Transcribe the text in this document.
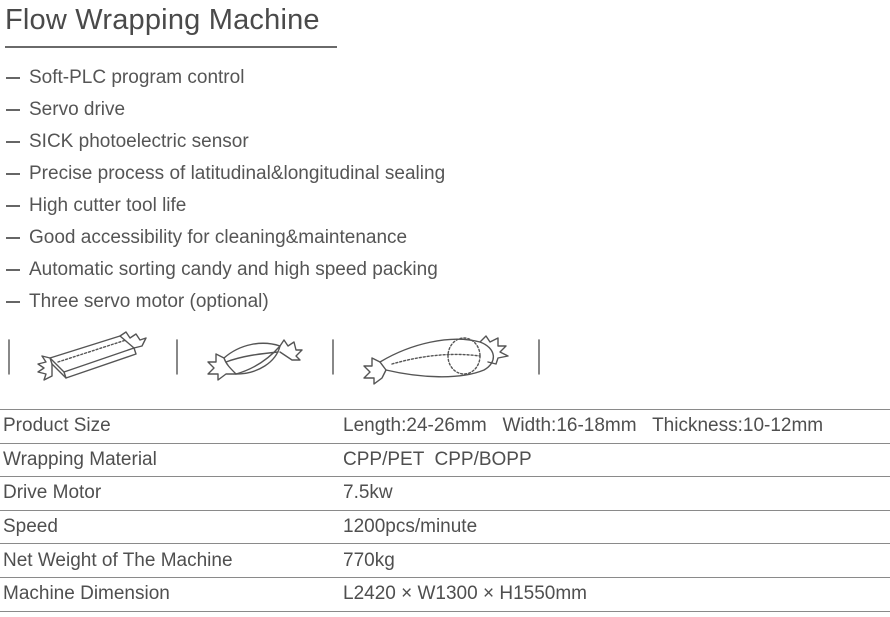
Flow Wrapping Machine
Soft-PLC program control
Servo drive
SICK photoelectric sensor
Precise process of latitudinal&longitudinal sealing
High cutter tool life
Good accessibility for cleaning&maintenance
Automatic sorting candy and high speed packing
Three servo motor (optional)
Product Size	Length:24-26mm   Width:16-18mm   Thickness:10-12mm
Wrapping Material	CPP/PET  CPP/BOPP
Drive Motor	7.5kw
Speed	1200pcs/minute
Net Weight of The Machine	770kg
Machine Dimension	L2420 × W1300 × H1550mm
